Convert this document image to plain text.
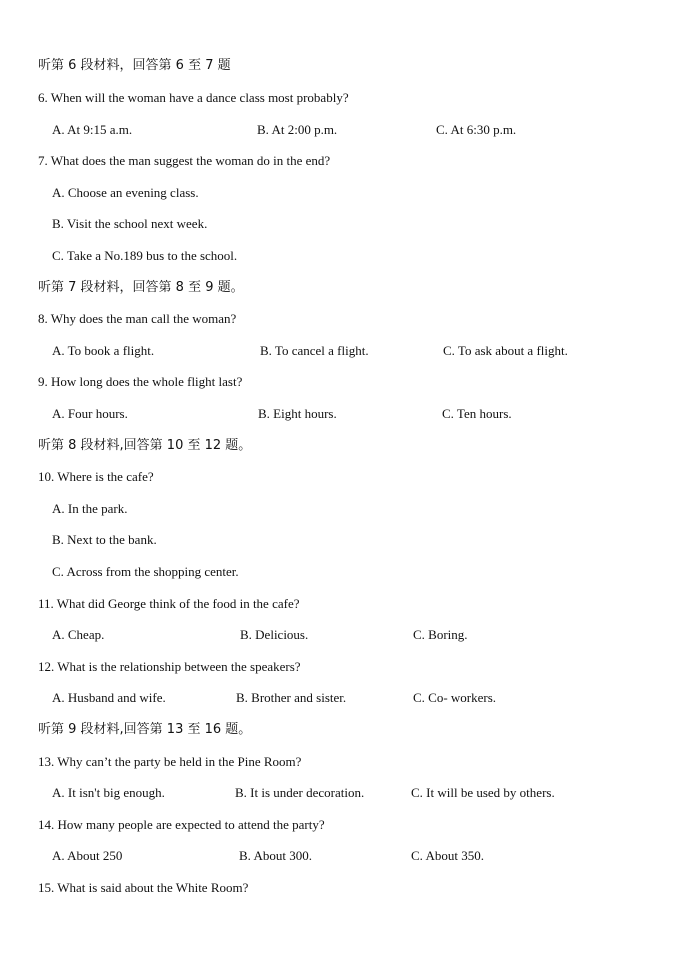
听第 6 段材料，回答第 6 至 7 题
6. When will the woman have a dance class most probably?
A. At 9:15 a.m.	B. At 2:00 p.m.	C. At 6:30 p.m.
7. What does the man suggest the woman do in the end?
A. Choose an evening class.
B. Visit the school next week.
C. Take a No.189 bus to the school.
听第 7 段材料，回答第 8 至 9 题。
8. Why does the man call the woman?
A. To book a flight.	B. To cancel a flight.	C. To ask about a flight.
9. How long does the whole flight last?
A. Four hours.	B. Eight hours.	C. Ten hours.
听第 8 段材料,回答第 10 至 12 题。
10. Where is the cafe?
A. In the park.
B. Next to the bank.
C. Across from the shopping center.
11. What did George think of the food in the cafe?
A. Cheap.	B. Delicious.	C. Boring.
12. What is the relationship between the speakers?
A. Husband and wife.	B. Brother and sister.	C. Co- workers.
听第 9 段材料,回答第 13 至 16 题。
13. Why can’t the party be held in the Pine Room?
A. It isn't big enough.	B. It is under decoration.	C. It will be used by others.
14. How many people are expected to attend the party?
A. About 250	B. About 300.	C. About 350.
15. What is said about the White Room?
